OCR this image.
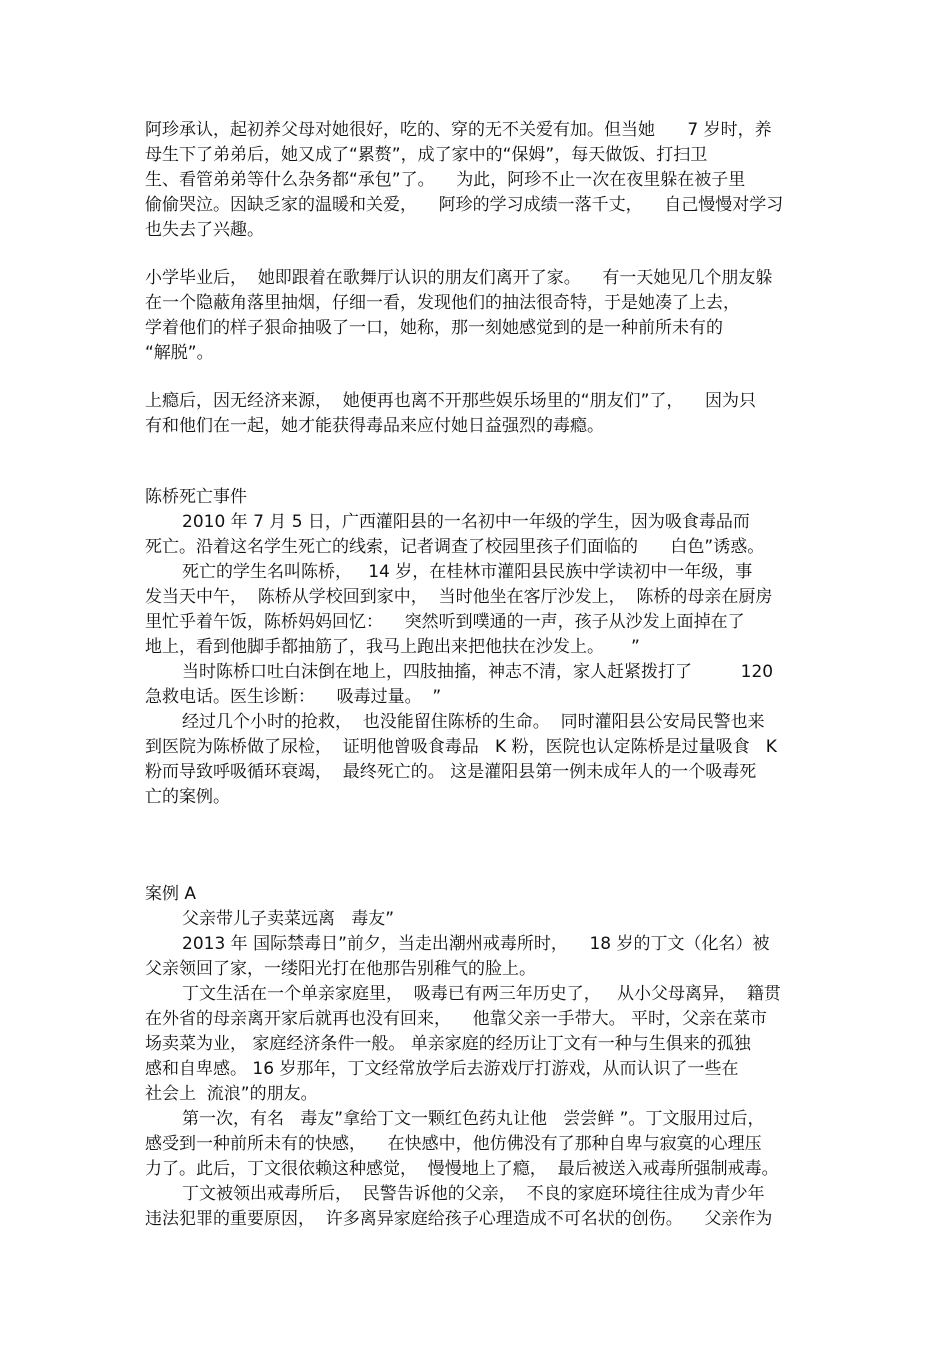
阿珍承认，起初养父母对她很好，吃的、穿的无不关爱有加。但当她      7 岁时，养
母生下了弟弟后，她又成了“累赘”，成了家中的“保姆”，每天做饭、打扫卫
生、看管弟弟等什么杂务都“承包”了。    为此，阿珍不止一次在夜里躲在被子里
偷偷哭泣。因缺乏家的温暖和关爱，    阿珍的学习成绩一落千丈，    自己慢慢对学习
也失去了兴趣。
小学毕业后，  她即跟着在歌舞厅认识的朋友们离开了家。    有一天她见几个朋友躲
在一个隐蔽角落里抽烟，仔细一看，发现他们的抽法很奇特，于是她凑了上去，
学着他们的样子狠命抽吸了一口，她称，那一刻她感觉到的是一种前所未有的
“解脱”。
上瘾后，因无经济来源，  她便再也离不开那些娱乐场里的“朋友们”了，    因为只
有和他们在一起，她才能获得毒品来应付她日益强烈的毒瘾。
陈桥死亡事件
2010 年 7 月 5 日，广西灌阳县的一名初中一年级的学生，因为吸食毒品而
死亡。沿着这名学生死亡的线索，记者调查了校园里孩子们面临的      白色”诱惑。
死亡的学生名叫陈桥，   14 岁，在桂林市灌阳县民族中学读初中一年级，事
发当天中午，  陈桥从学校回到家中，  当时他坐在客厅沙发上，  陈桥的母亲在厨房
里忙乎着午饭，陈桥妈妈回忆：    突然听到噗通的一声，孩子从沙发上面掉在了
地上，看到他脚手都抽筋了，我马上跑出来把他扶在沙发上。     ”
当时陈桥口吐白沫倒在地上，四肢抽搐，神志不清，家人赶紧拨打了         120
急救电话。医生诊断：    吸毒过量。  ”
经过几个小时的抢救，  也没能留住陈桥的生命。  同时灌阳县公安局民警也来
到医院为陈桥做了尿检，  证明他曾吸食毒品   K 粉，医院也认定陈桥是过量吸食   K
粉而导致呼吸循环衰竭，  最终死亡的。 这是灌阳县第一例未成年人的一个吸毒死
亡的案例。
案例 A
父亲带儿子卖菜远离   毒友”
2013 年 国际禁毒日”前夕，当走出潮州戒毒所时，    18 岁的丁文（化名）被
父亲领回了家，一缕阳光打在他那告别稚气的脸上。
丁文生活在一个单亲家庭里，  吸毒已有两三年历史了，   从小父母离异，  籍贯
在外省的母亲离开家后就再也没有回来，    他靠父亲一手带大。 平时，父亲在菜市
场卖菜为业， 家庭经济条件一般。 单亲家庭的经历让丁文有一种与生俱来的孤独
感和自卑感。 16 岁那年，丁文经常放学后去游戏厅打游戏，从而认识了一些在
社会上  流浪”的朋友。
第一次，有名   毒友”拿给丁文一颗红色药丸让他   尝尝鲜 ”。丁文服用过后，
感受到一种前所未有的快感，    在快感中，他仿佛没有了那种自卑与寂寞的心理压
力了。此后，丁文很依赖这种感觉，  慢慢地上了瘾，  最后被送入戒毒所强制戒毒。
丁文被领出戒毒所后，  民警告诉他的父亲，  不良的家庭环境往往成为青少年
违法犯罪的重要原因，  许多离异家庭给孩子心理造成不可名状的创伤。    父亲作为
